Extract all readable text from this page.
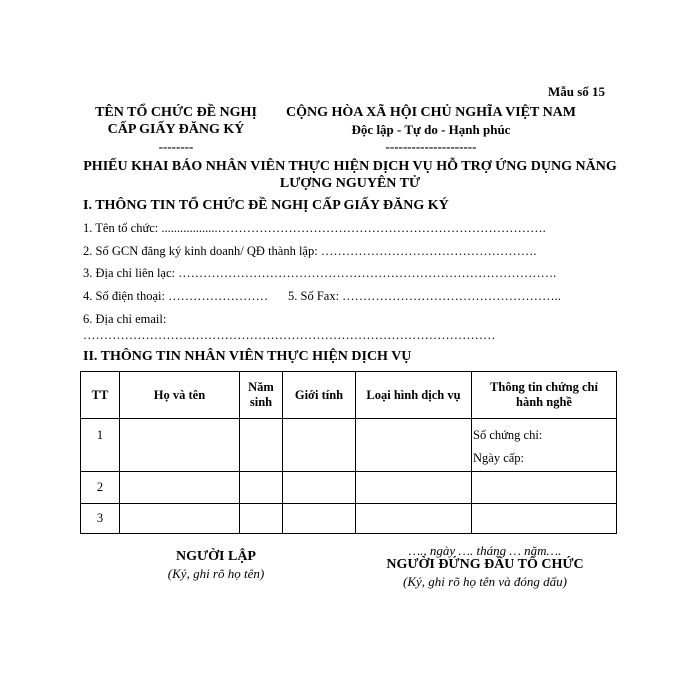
Mẫu số 15
TÊN TỔ CHỨC ĐỀ NGHỊ
CẤP GIẤY ĐĂNG KÝ
--------
CỘNG HÒA XÃ HỘI CHỦ NGHĨA VIỆT NAM
Độc lập - Tự do - Hạnh phúc
---------------------
PHIẾU KHAI BÁO NHÂN VIÊN THỰC HIỆN DỊCH VỤ HỖ TRỢ ỨNG DỤNG NĂNG
LƯỢNG NGUYÊN TỬ
I. THÔNG TIN TỔ CHỨC ĐỀ NGHỊ CẤP GIẤY ĐĂNG KÝ
1. Tên tổ chức: ..................…………………………………………………………………….
2. Số GCN đăng ký kinh doanh/ QĐ thành lập: …………………………………………….
3. Địa chỉ liên lạc: ……………………………………………………………………………….
4. Số điện thoại: …………………… 5. Số Fax: ……………………………………………..
6. Địa chỉ email:
………………………………………………………………………………………
II. THÔNG TIN NHÂN VIÊN THỰC HIỆN DỊCH VỤ
TT	Họ và tên	Năm
sinh	Giới tính	Loại hình dịch vụ	Thông tin chứng chỉ
hành nghề
1					Số chứng chỉ:
Ngày cấp:

2					
3					
NGƯỜI LẬP
(Ký, ghi rõ họ tên)
…., ngày …. tháng … năm….
NGƯỜI ĐỨNG ĐẦU TỔ CHỨC
(Ký, ghi rõ họ tên và đóng dấu)
